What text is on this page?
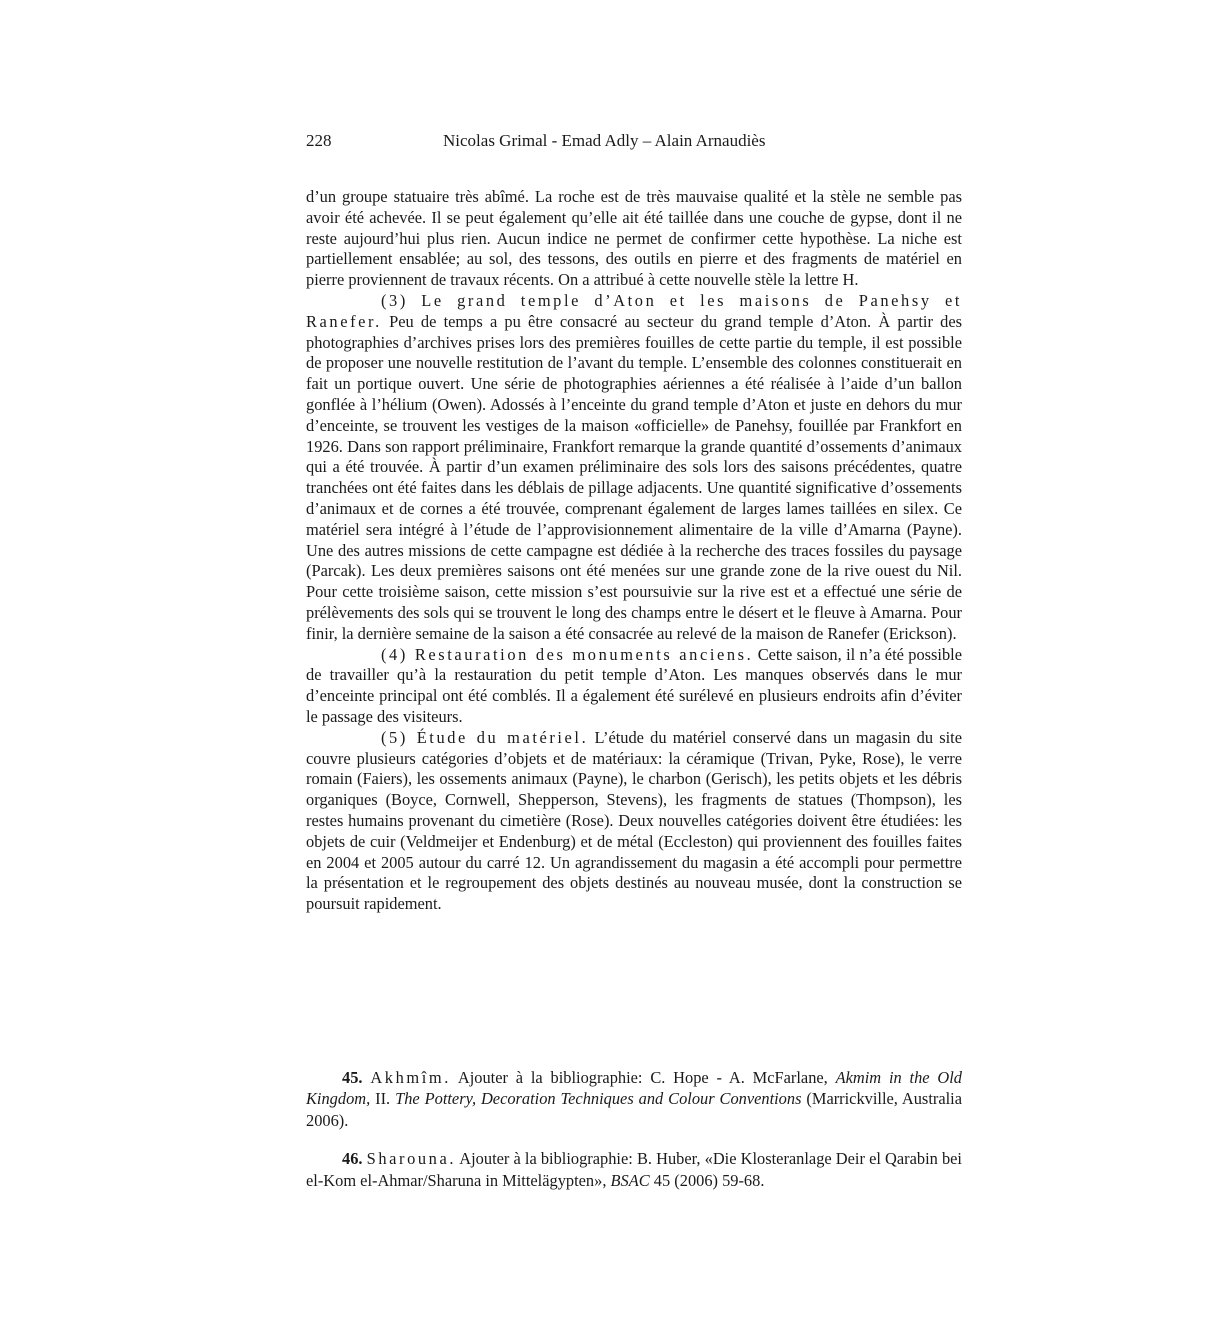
228	Nicolas Grimal - Emad Adly – Alain Arnaudiès

d’un groupe statuaire très abîmé. La roche est de très mauvaise qualité et la stèle ne semble pas avoir été achevée. Il se peut également qu’elle ait été taillée dans une couche de gypse, dont il ne reste aujourd’hui plus rien. Aucun indice ne permet de confirmer cette hypothèse. La niche est partiellement ensablée; au sol, des tessons, des outils en pierre et des fragments de matériel en pierre proviennent de travaux récents. On a attribué à cette nouvelle stèle la lettre H.

(3) Le grand temple d’Aton et les maisons de Panehsy et Ranefer. Peu de temps a pu être consacré au secteur du grand temple d’Aton. À partir des photographies d’archives prises lors des premières fouilles de cette partie du temple, il est possible de proposer une nouvelle restitution de l’avant du temple. L’ensemble des colonnes constituerait en fait un portique ouvert. Une série de photographies aériennes a été réalisée à l’aide d’un ballon gonflée à l’hélium (Owen). Adossés à l’enceinte du grand temple d’Aton et juste en dehors du mur d’enceinte, se trouvent les vestiges de la maison «officielle» de Panehsy, fouillée par Frankfort en 1926. Dans son rapport préliminaire, Frankfort remarque la grande quantité d’ossements d’animaux qui a été trouvée. À partir d’un examen préliminaire des sols lors des saisons précédentes, quatre tranchées ont été faites dans les déblais de pillage adjacents. Une quantité significative d’ossements d’animaux et de cornes a été trouvée, comprenant également de larges lames taillées en silex. Ce matériel sera intégré à l’étude de l’approvisionnement alimentaire de la ville d’Amarna (Payne). Une des autres missions de cette campagne est dédiée à la recherche des traces fossiles du paysage (Parcak). Les deux premières saisons ont été menées sur une grande zone de la rive ouest du Nil. Pour cette troisième saison, cette mission s’est poursuivie sur la rive est et a effectué une série de prélèvements des sols qui se trouvent le long des champs entre le désert et le fleuve à Amarna. Pour finir, la dernière semaine de la saison a été consacrée au relevé de la maison de Ranefer (Erickson).

(4) Restauration des monuments anciens. Cette saison, il n’a été possible de travailler qu’à la restauration du petit temple d’Aton. Les manques observés dans le mur d’enceinte principal ont été comblés. Il a également été surélevé en plusieurs endroits afin d’éviter le passage des visiteurs.

(5) Étude du matériel. L’étude du matériel conservé dans un magasin du site couvre plusieurs catégories d’objets et de matériaux: la céramique (Trivan, Pyke, Rose), le verre romain (Faiers), les ossements animaux (Payne), le charbon (Gerisch), les petits objets et les débris organiques (Boyce, Cornwell, Shepperson, Stevens), les fragments de statues (Thompson), les restes humains provenant du cimetière (Rose). Deux nouvelles catégories doivent être étudiées: les objets de cuir (Veldmeijer et Endenburg) et de métal (Eccleston) qui proviennent des fouilles faites en 2004 et 2005 autour du carré 12. Un agrandissement du magasin a été accompli pour permettre la présentation et le regroupement des objets destinés au nouveau musée, dont la construction se poursuit rapidement.

45. Akhmîm. Ajouter à la bibliographie: C. Hope - A. McFarlane, Akmim in the Old Kingdom, II. The Pottery, Decoration Techniques and Colour Conventions (Marrickville, Australia 2006).

46. Sharouna. Ajouter à la bibliographie: B. Huber, «Die Klosteranlage Deir el Qarabin bei el-Kom el-Ahmar/Sharuna in Mittelägypten», BSAC 45 (2006) 59-68.
